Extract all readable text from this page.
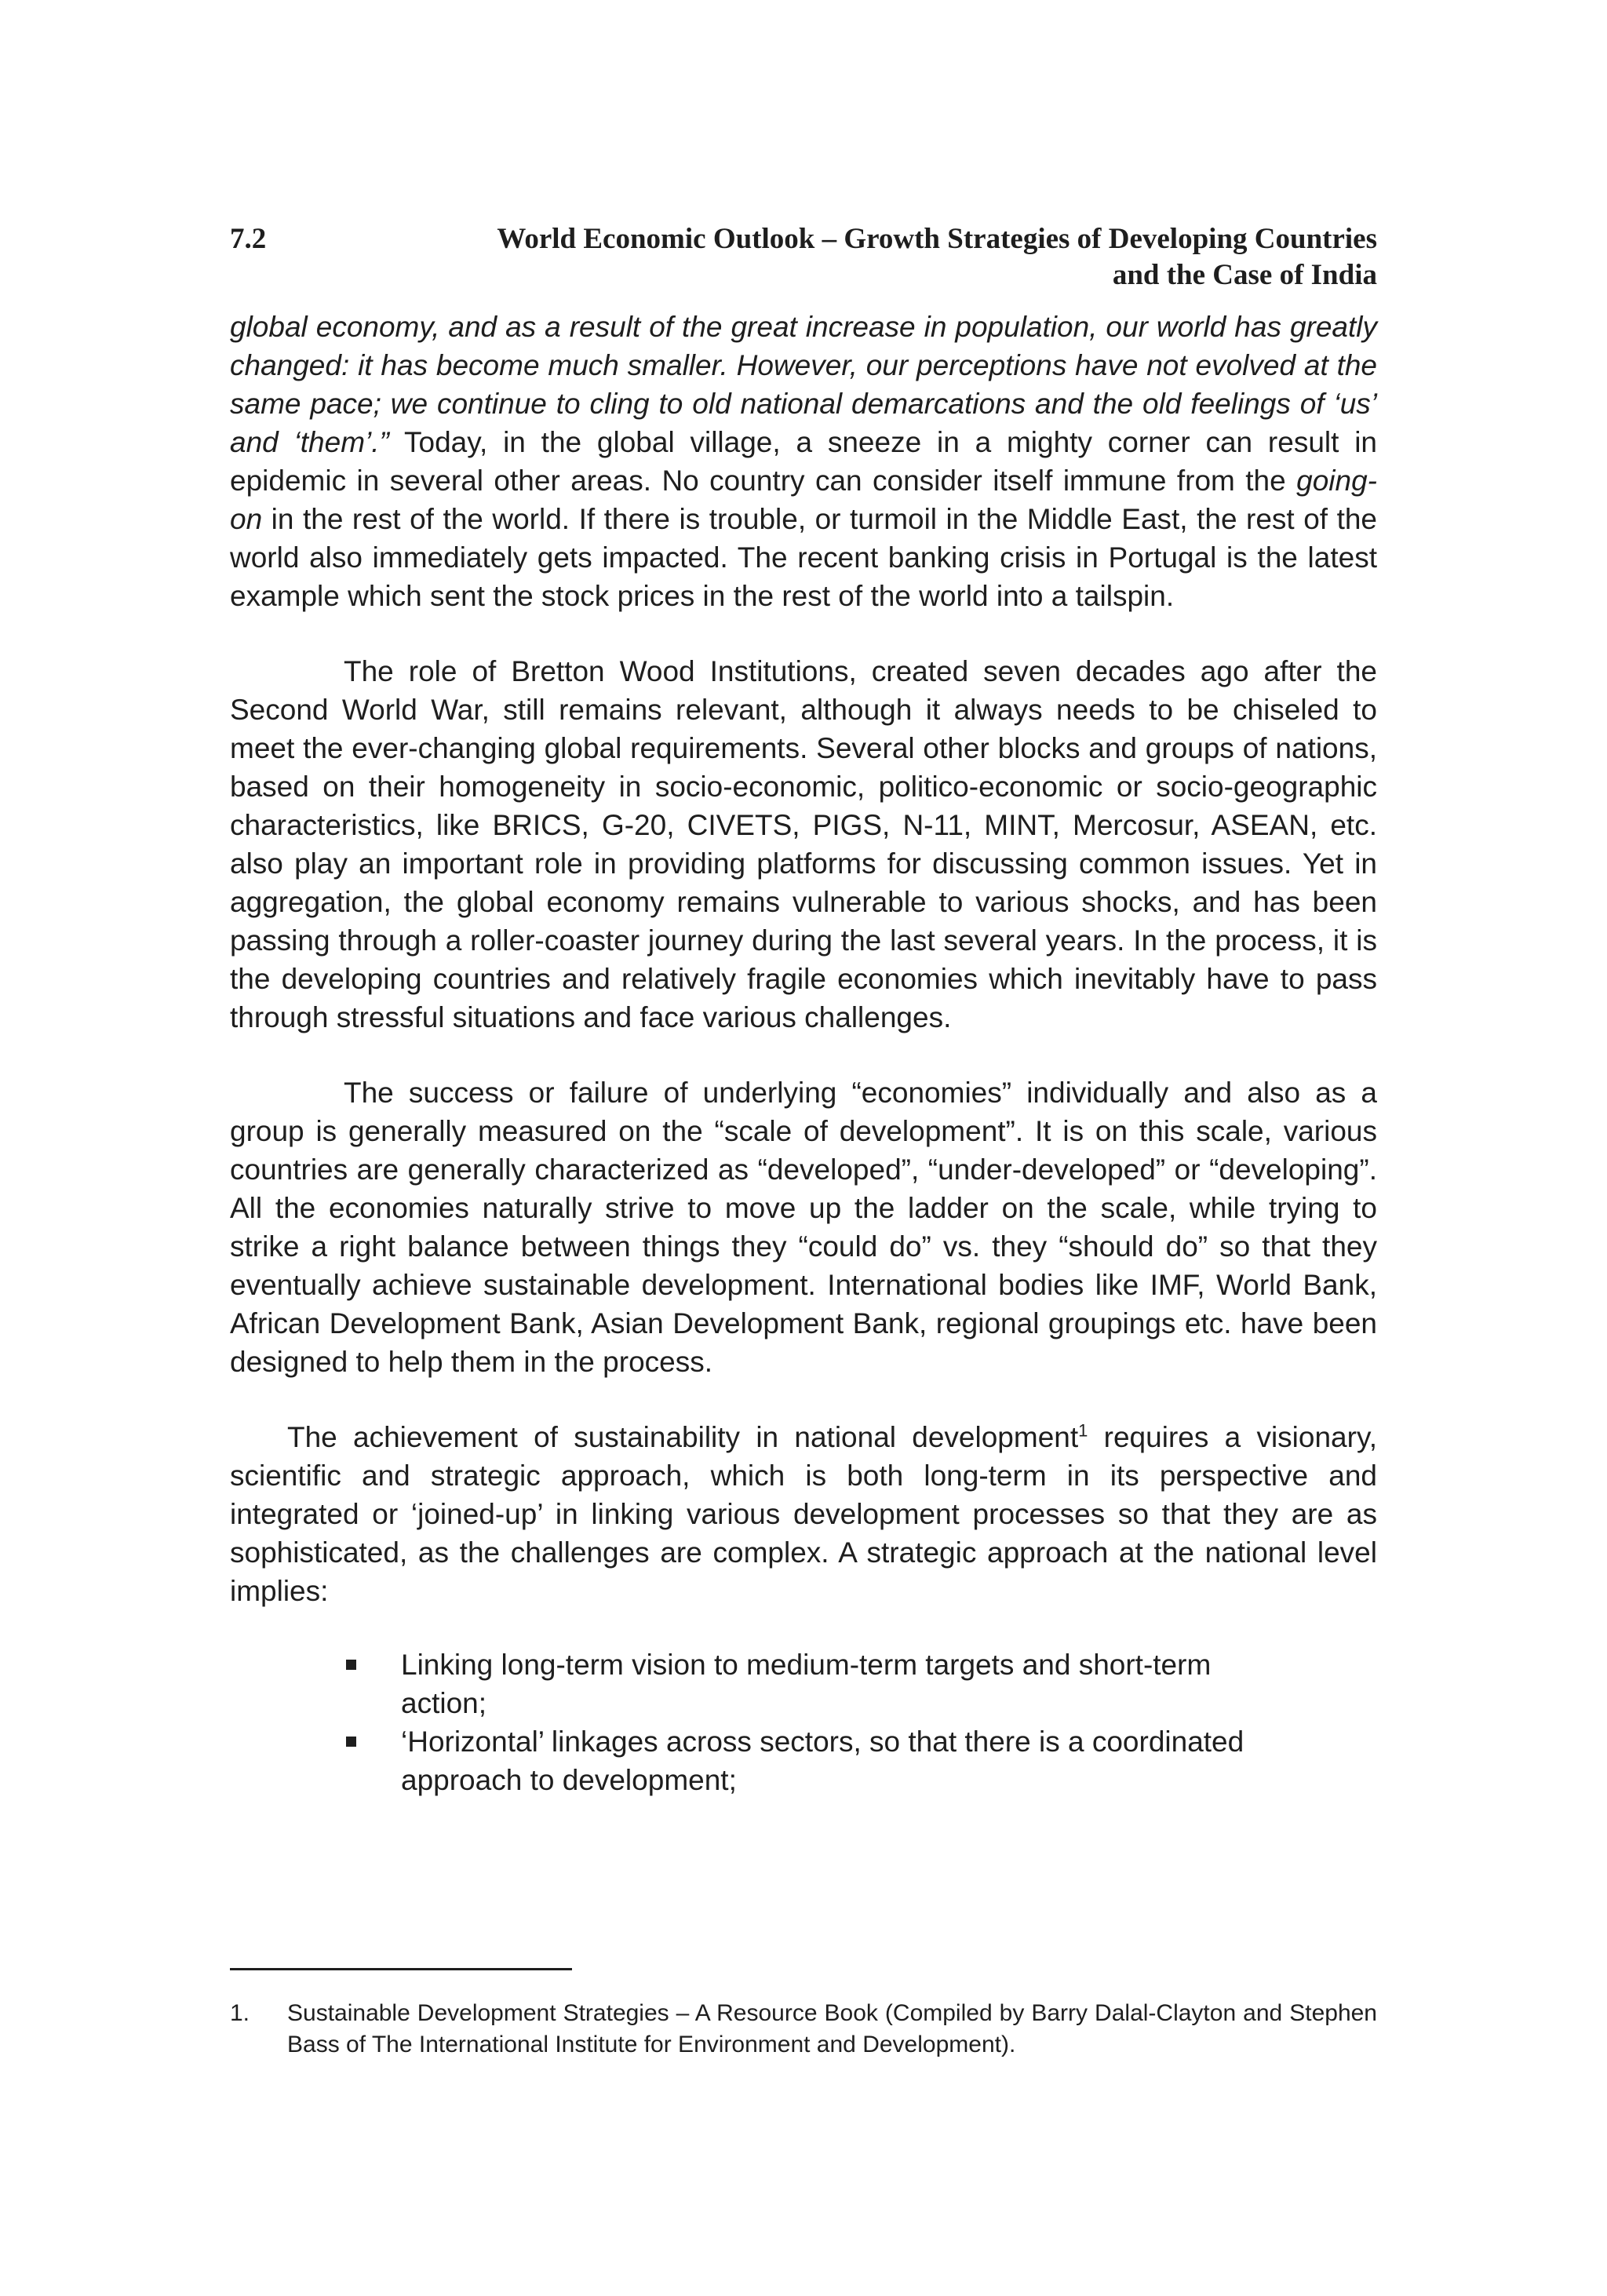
7.2	World Economic Outlook – Growth Strategies of Developing Countries
and the Case of India

global economy, and as a result of the great increase in population, our world has greatly changed: it has become much smaller. However, our perceptions have not evolved at the same pace; we continue to cling to old national demarcations and the old feelings of ‘us’ and ‘them’.” Today, in the global village, a sneeze in a mighty corner can result in epidemic in several other areas. No country can consider itself immune from the going-on in the rest of the world. If there is trouble, or turmoil in the Middle East, the rest of the world also immediately gets impacted. The recent banking crisis in Portugal is the latest example which sent the stock prices in the rest of the world into a tailspin.

The role of Bretton Wood Institutions, created seven decades ago after the Second World War, still remains relevant, although it always needs to be chiseled to meet the ever-changing global requirements. Several other blocks and groups of nations, based on their homogeneity in socio-economic, politico-economic or socio-geographic characteristics, like BRICS, G-20, CIVETS, PIGS, N-11, MINT, Mercosur, ASEAN, etc. also play an important role in providing platforms for discussing common issues. Yet in aggregation, the global economy remains vulnerable to various shocks, and has been passing through a roller-coaster journey during the last several years. In the process, it is the developing countries and relatively fragile economies which inevitably have to pass through stressful situations and face various challenges.

The success or failure of underlying “economies” individually and also as a group is generally measured on the “scale of development”. It is on this scale, various countries are generally characterized as “developed”, “under-developed” or “developing”. All the economies naturally strive to move up the ladder on the scale, while trying to strike a right balance between things they “could do” vs. they “should do” so that they eventually achieve sustainable development. International bodies like IMF, World Bank, African Development Bank, Asian Development Bank, regional groupings etc. have been designed to help them in the process.

The achievement of sustainability in national development$^1$ requires a visionary, scientific and strategic approach, which is both long-term in its perspective and integrated or ‘joined-up’ in linking various development processes so that they are as sophisticated, as the challenges are complex. A strategic approach at the national level implies:

Linking long-term vision to medium-term targets and short-term action;
‘Horizontal’ linkages across sectors, so that there is a coordinated approach to development;
1. Sustainable Development Strategies – A Resource Book (Compiled by Barry Dalal-Clayton and Stephen Bass of The International Institute for Environment and Development).
